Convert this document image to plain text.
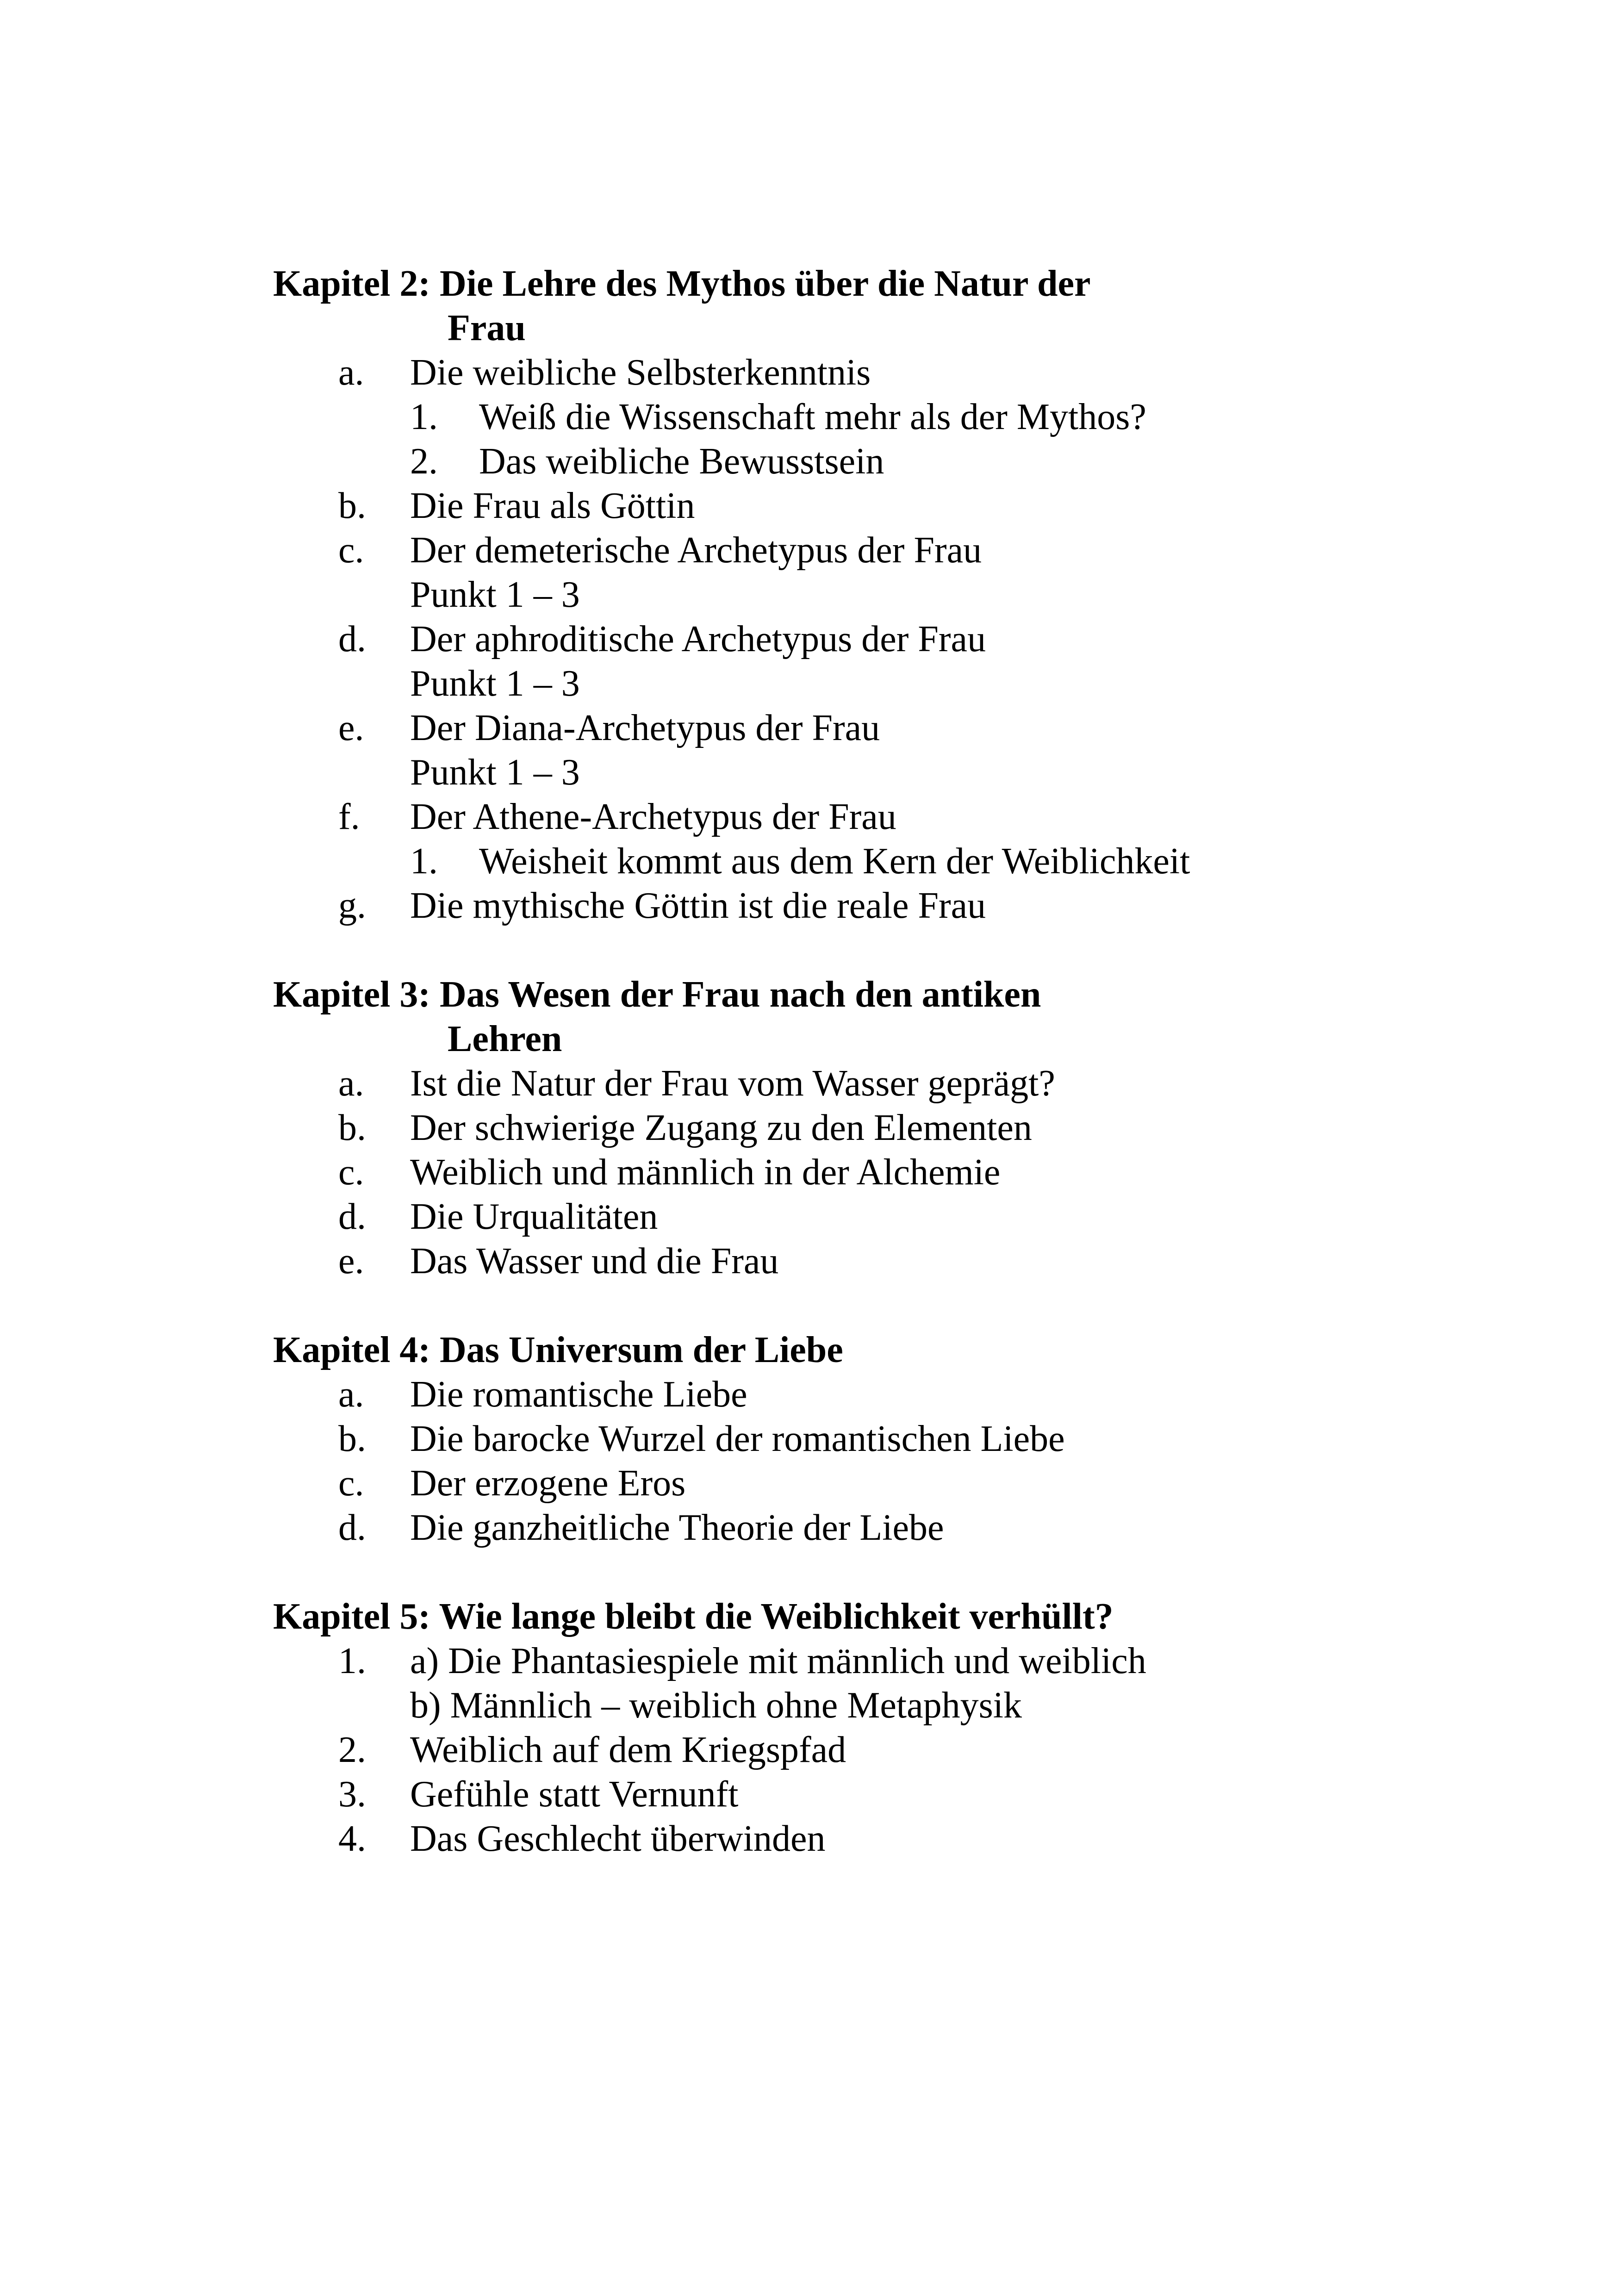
Kapitel 2: Die Lehre des Mythos über die Natur der
Frau
a.	Die weibliche Selbsterkenntnis
1.	Weiß die Wissenschaft mehr als der Mythos?
2.	Das weibliche Bewusstsein
b.	Die Frau als Göttin
c.	Der demeterische Archetypus der Frau
Punkt 1 – 3
d.	Der aphroditische Archetypus der Frau
Punkt 1 – 3
e.	Der Diana-Archetypus der Frau
Punkt 1 – 3
f.	Der Athene-Archetypus der Frau
1.	Weisheit kommt aus dem Kern der Weiblichkeit
g.	Die mythische Göttin ist die reale Frau
Kapitel 3: Das Wesen der Frau nach den antiken
Lehren
a.	Ist die Natur der Frau vom Wasser geprägt?
b.	Der schwierige Zugang zu den Elementen
c.	Weiblich und männlich in der Alchemie
d.	Die Urqualitäten
e.	Das Wasser und die Frau
Kapitel 4: Das Universum der Liebe
a.	Die romantische Liebe
b.	Die barocke Wurzel der romantischen Liebe
c.	Der erzogene Eros
d.	Die ganzheitliche Theorie der Liebe
Kapitel 5: Wie lange bleibt die Weiblichkeit verhüllt?
1.	a) Die Phantasiespiele mit männlich und weiblich
b) Männlich – weiblich ohne Metaphysik
2.	Weiblich auf dem Kriegspfad
3.	Gefühle statt Vernunft
4.	Das Geschlecht überwinden
